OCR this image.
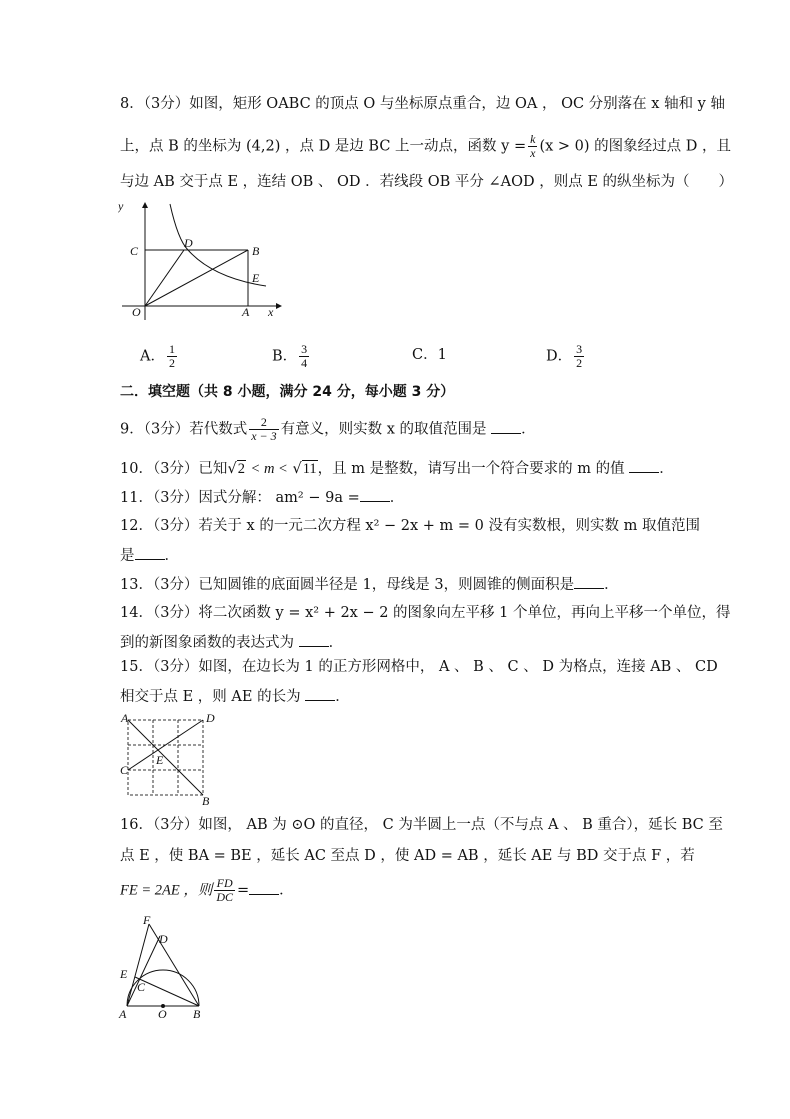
8．（3分）如图，矩形 OABC 的顶点 O 与坐标原点重合，边 OA ， OC 分别落在 x 轴和 y 轴
上，点 B 的坐标为 (4,2) ，点 D 是边 BC 上一动点，函数 $y = \frac{k}{x} (x > 0)$ 的图象经过点 D ，且
与边 AB 交于点 E ，连结 OB 、 OD ．若线段 OB 平分 ∠AOD ，则点 E 的纵坐标为（　　）
y
C
D
B
E
O	A x
A． $\frac{1}{2}$	B． $\frac{3}{4}$	C．1	D． $\frac{3}{2}$
二．填空题（共 8 小题，满分 24 分，每小题 3 分）
9．（3分）若代数式 $\frac{2}{x - 3}$ 有意义，则实数 x 的取值范围是 ．
10．（3分）已知√2 < m < √11，且 m 是整数，请写出一个符合要求的 m 的值 ．
11．（3分）因式分解： am² − 9a = ．
12．（3分）若关于 x 的一元二次方程 x² − 2x + m = 0 没有实数根，则实数 m 取值范围
是 ．
13．（3分）已知圆锥的底面圆半径是 1，母线是 3，则圆锥的侧面积是 ．
14．（3分）将二次函数 y = x² + 2x − 2 的图象向左平移 1 个单位，再向上平移一个单位，得
到的新图象函数的表达式为 ．
15．（3分）如图，在边长为 1 的正方形网格中， A 、 B 、 C 、 D 为格点，连接 AB 、 CD
相交于点 E ，则 AE 的长为 ．
A	D
C
E
B
16．（3分）如图， AB 为 ⊙O 的直径， C 为半圆上一点（不与点 A 、 B 重合），延长 BC 至
点 E ，使 BA = BE ，延长 AC 至点 D ，使 AD = AB ，延长 AE 与 BD 交于点 F ，若
FE = 2AE ，则 $\frac{FD}{DC}$ = ．
F
D
E
C
A	O B
